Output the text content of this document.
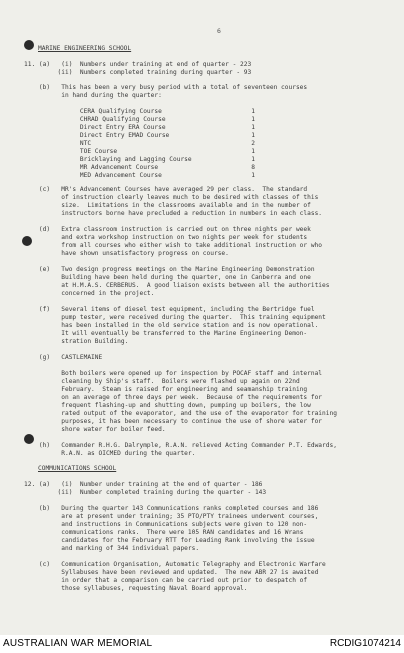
6
MARINE ENGINEERING SCHOOL
11. (a)   (i)  Numbers under training at end of quarter - 223
(ii)  Numbers completed training during quarter - 93
(b)   This has been a very busy period with a total of seventeen courses
in hand during the quarter:
CERA Qualifying Course                        1
CHRAD Qualifying Course                       1
Direct Entry ERA Course                       1
Direct Entry EMAD Course                      1
NTC                                           2
TOE Course                                    1
Bricklaying and Lagging Course                1
MR Advancement Course                         8
MED Advancement Course                        1
(c)   MR's Advancement Courses have averaged 29 per class.  The standard
of instruction clearly leaves much to be desired with classes of this
size.  Limitations in the classrooms available and in the number of
instructors borne have precluded a reduction in numbers in each class.
(d)   Extra classroom instruction is carried out on three nights per week
and extra workshop instruction on two nights per week for students
from all courses who either wish to take additional instruction or who
have shown unsatisfactory progress on course.
(e)   Two design progress meetings on the Marine Engineering Demonstration
Building have been held during the quarter, one in Canberra and one
at H.M.A.S. CERBERUS.  A good liaison exists between all the authorities
concerned in the project.
(f)   Several items of diesel test equipment, including the Bertridge fuel
pump tester, were received during the quarter.  This training equipment
has been installed in the old service station and is now operational.
It will eventually be transferred to the Marine Engineering Demon-
stration Building.
(g)   CASTLEMAINE
Both boilers were opened up for inspection by POCAF staff and internal
cleaning by Ship's staff.  Boilers were flashed up again on 22nd
February.  Steam is raised for engineering and seamanship training
on an average of three days per week.  Because of the requirements for
frequent flashing-up and shutting down, pumping up boilers, the low
rated output of the evaporator, and the use of the evaporator for training
purposes, it has been necessary to continue the use of shore water for
shore water for boiler feed.
(h)   Commander R.H.G. Dalrymple, R.A.N. relieved Acting Commander P.T. Edwards,
R.A.N. as OICMED during the quarter.
COMMUNICATIONS SCHOOL
12. (a)   (i)  Number under training at the end of quarter - 186
(ii)  Number completed training during the quarter - 143
(b)   During the quarter 143 Communications ranks completed courses and 186
are at present under training; 35 PTO/PTY trainees underwent courses,
and instructions in Communications subjects were given to 120 non-
communications ranks.  There were 105 RAN candidates and 16 Wrans
candidates for the February RTT for Leading Rank involving the issue
and marking of 344 individual papers.
(c)   Communication Organisation, Automatic Telegraphy and Electronic Warfare
Syllabuses have been reviewed and updated.  The new ABR 27 is awaited
in order that a comparison can be carried out prior to despatch of
those syllabuses, requesting Naval Board approval.
AUSTRALIAN WAR MEMORIAL	RCDIG1074214
